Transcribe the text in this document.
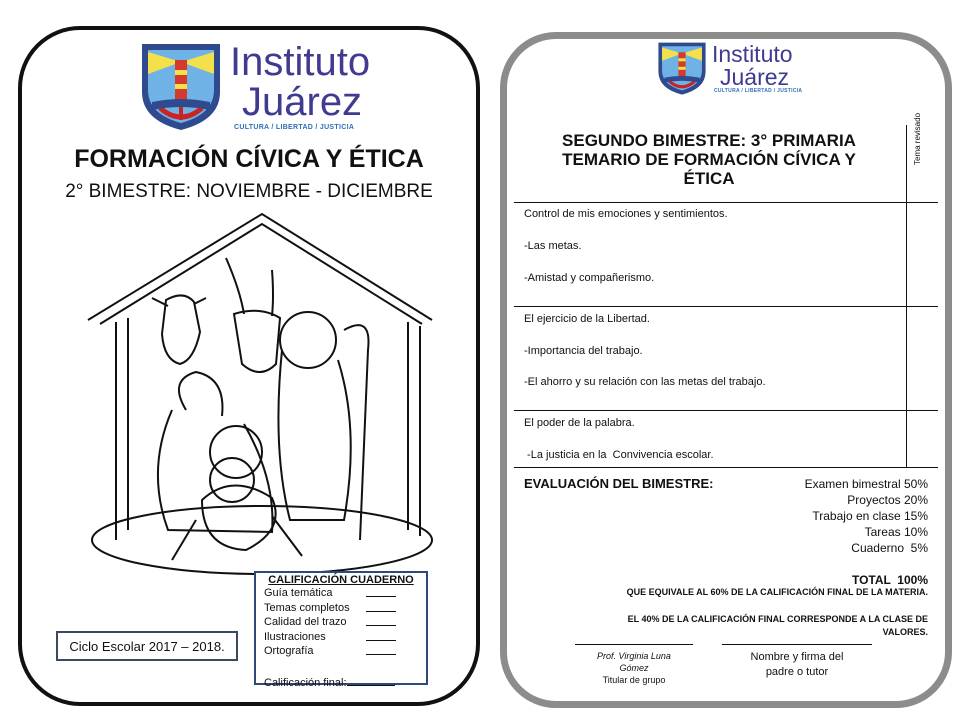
Instituto
Juárez
CULTURA / LIBERTAD / JUSTICIA
FORMACIÓN CÍVICA Y ÉTICA
2° BIMESTRE: NOVIEMBRE - DICIEMBRE
Ciclo Escolar 2017 – 2018.
CALIFICACIÓN CUADERNO
Guía temática
Temas completos
Calidad del trazo
Ilustraciones
Ortografía
Calificación final:
Instituto
Juárez
CULTURA / LIBERTAD / JUSTICIA
SEGUNDO BIMESTRE: 3° PRIMARIA
TEMARIO DE FORMACIÓN CÍVICA Y
ÉTICA
Tema revisado
Control de mis emociones y sentimientos.
-Las metas.
-Amistad y compañerismo.
El ejercicio de la Libertad.
-Importancia del trabajo.
-El ahorro y su relación con las metas del trabajo.
El poder de la palabra.
-La justicia en la  Convivencia escolar.
EVALUACIÓN DEL BIMESTRE:	Examen bimestral 50%
Proyectos 20%
Trabajo en clase 15%
Tareas 10%
Cuaderno  5%
TOTAL  100%
QUE EQUIVALE AL 60% DE LA CALIFICACIÓN FINAL DE LA MATERIA.
EL 40% DE LA CALIFICACIÓN FINAL CORRESPONDE A LA CLASE DE
VALORES.
Prof. Virginia Luna
Gómez
Titular de grupo
Nombre y firma del
padre o tutor
